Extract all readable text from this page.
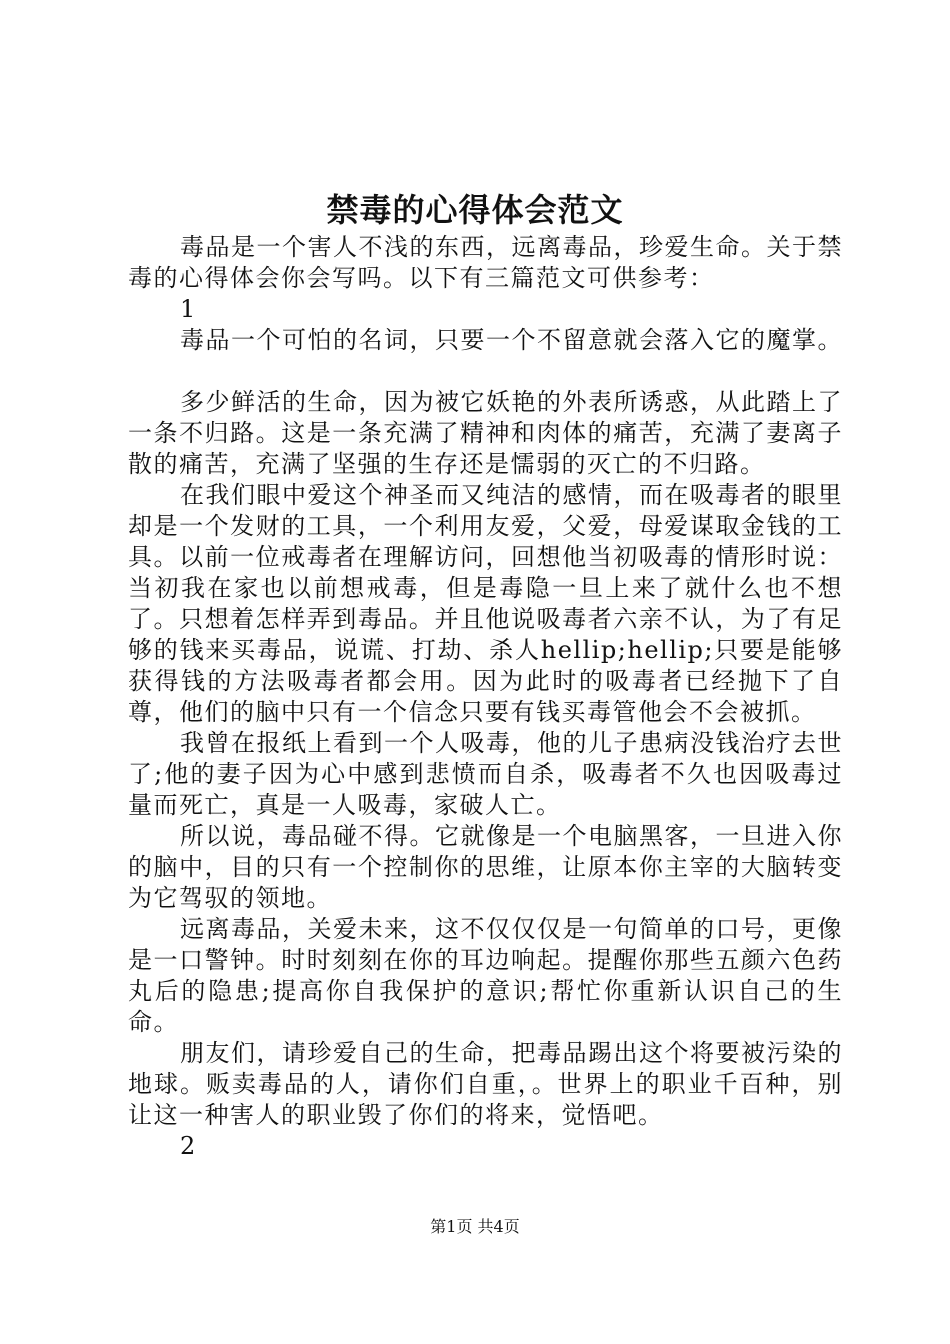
禁毒的心得体会范文

毒品是一个害人不浅的东西，远离毒品，珍爱生命。关于禁毒的心得体会你会写吗。以下有三篇范文可供参考：

1

毒品一个可怕的名词，只要一个不留意就会落入它的魔掌。

多少鲜活的生命，因为被它妖艳的外表所诱惑，从此踏上了一条不归路。这是一条充满了精神和肉体的痛苦，充满了妻离子散的痛苦，充满了坚强的生存还是懦弱的灭亡的不归路。

在我们眼中爱这个神圣而又纯洁的感情，而在吸毒者的眼里却是一个发财的工具，一个利用友爱，父爱，母爱谋取金钱的工具。以前一位戒毒者在理解访问，回想他当初吸毒的情形时说：当初我在家也以前想戒毒，但是毒隐一旦上来了就什么也不想了。只想着怎样弄到毒品。并且他说吸毒者六亲不认，为了有足够的钱来买毒品，说谎、打劫、杀人hellip;hellip;只要是能够获得钱的方法吸毒者都会用。因为此时的吸毒者已经抛下了自尊，他们的脑中只有一个信念只要有钱买毒管他会不会被抓。

我曾在报纸上看到一个人吸毒，他的儿子患病没钱治疗去世了;他的妻子因为心中感到悲愤而自杀，吸毒者不久也因吸毒过量而死亡，真是一人吸毒，家破人亡。

所以说，毒品碰不得。它就像是一个电脑黑客，一旦进入你的脑中，目的只有一个控制你的思维，让原本你主宰的大脑转变为它驾驭的领地。

远离毒品，关爱未来，这不仅仅仅是一句简单的口号，更像是一口警钟。时时刻刻在你的耳边响起。提醒你那些五颜六色药丸后的隐患;提高你自我保护的意识;帮忙你重新认识自己的生命。

朋友们，请珍爱自己的生命，把毒品踢出这个将要被污染的地球。贩卖毒品的人，请你们自重，。世界上的职业千百种，别让这一种害人的职业毁了你们的将来，觉悟吧。

2

第1页 共4页
